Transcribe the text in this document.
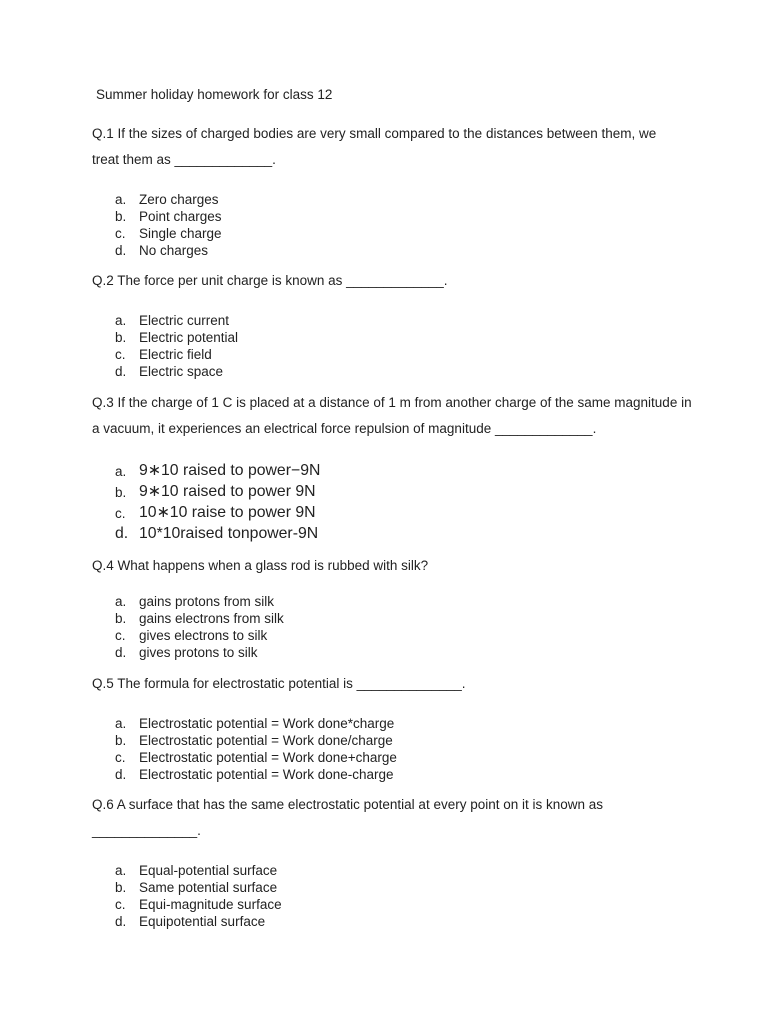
Summer holiday homework for class 12
Q.1 If the sizes of charged bodies are very small compared to the distances between them, we treat them as _____________.
a. Zero charges
b. Point charges
c. Single charge
d. No charges
Q.2 The force per unit charge is known as _____________.
a. Electric current
b. Electric potential
c. Electric field
d. Electric space
Q.3 If the charge of 1 C is placed at a distance of 1 m from another charge of the same magnitude in a vacuum, it experiences an electrical force repulsion of magnitude _____________.
a. 9∗10 raised to power−9N
b. 9∗10 raised to power 9N
c. 10∗10 raise to power 9N
d. 10*10raised tonpower-9N
Q.4 What happens when a glass rod is rubbed with silk?
a. gains protons from silk
b. gains electrons from silk
c. gives electrons to silk
d. gives protons to silk
Q.5 The formula for electrostatic potential is ______________.
a. Electrostatic potential = Work done*charge
b. Electrostatic potential = Work done/charge
c. Electrostatic potential = Work done+charge
d. Electrostatic potential = Work done-charge
Q.6 A surface that has the same electrostatic potential at every point on it is known as ______________.
a. Equal-potential surface
b. Same potential surface
c. Equi-magnitude surface
d. Equipotential surface
